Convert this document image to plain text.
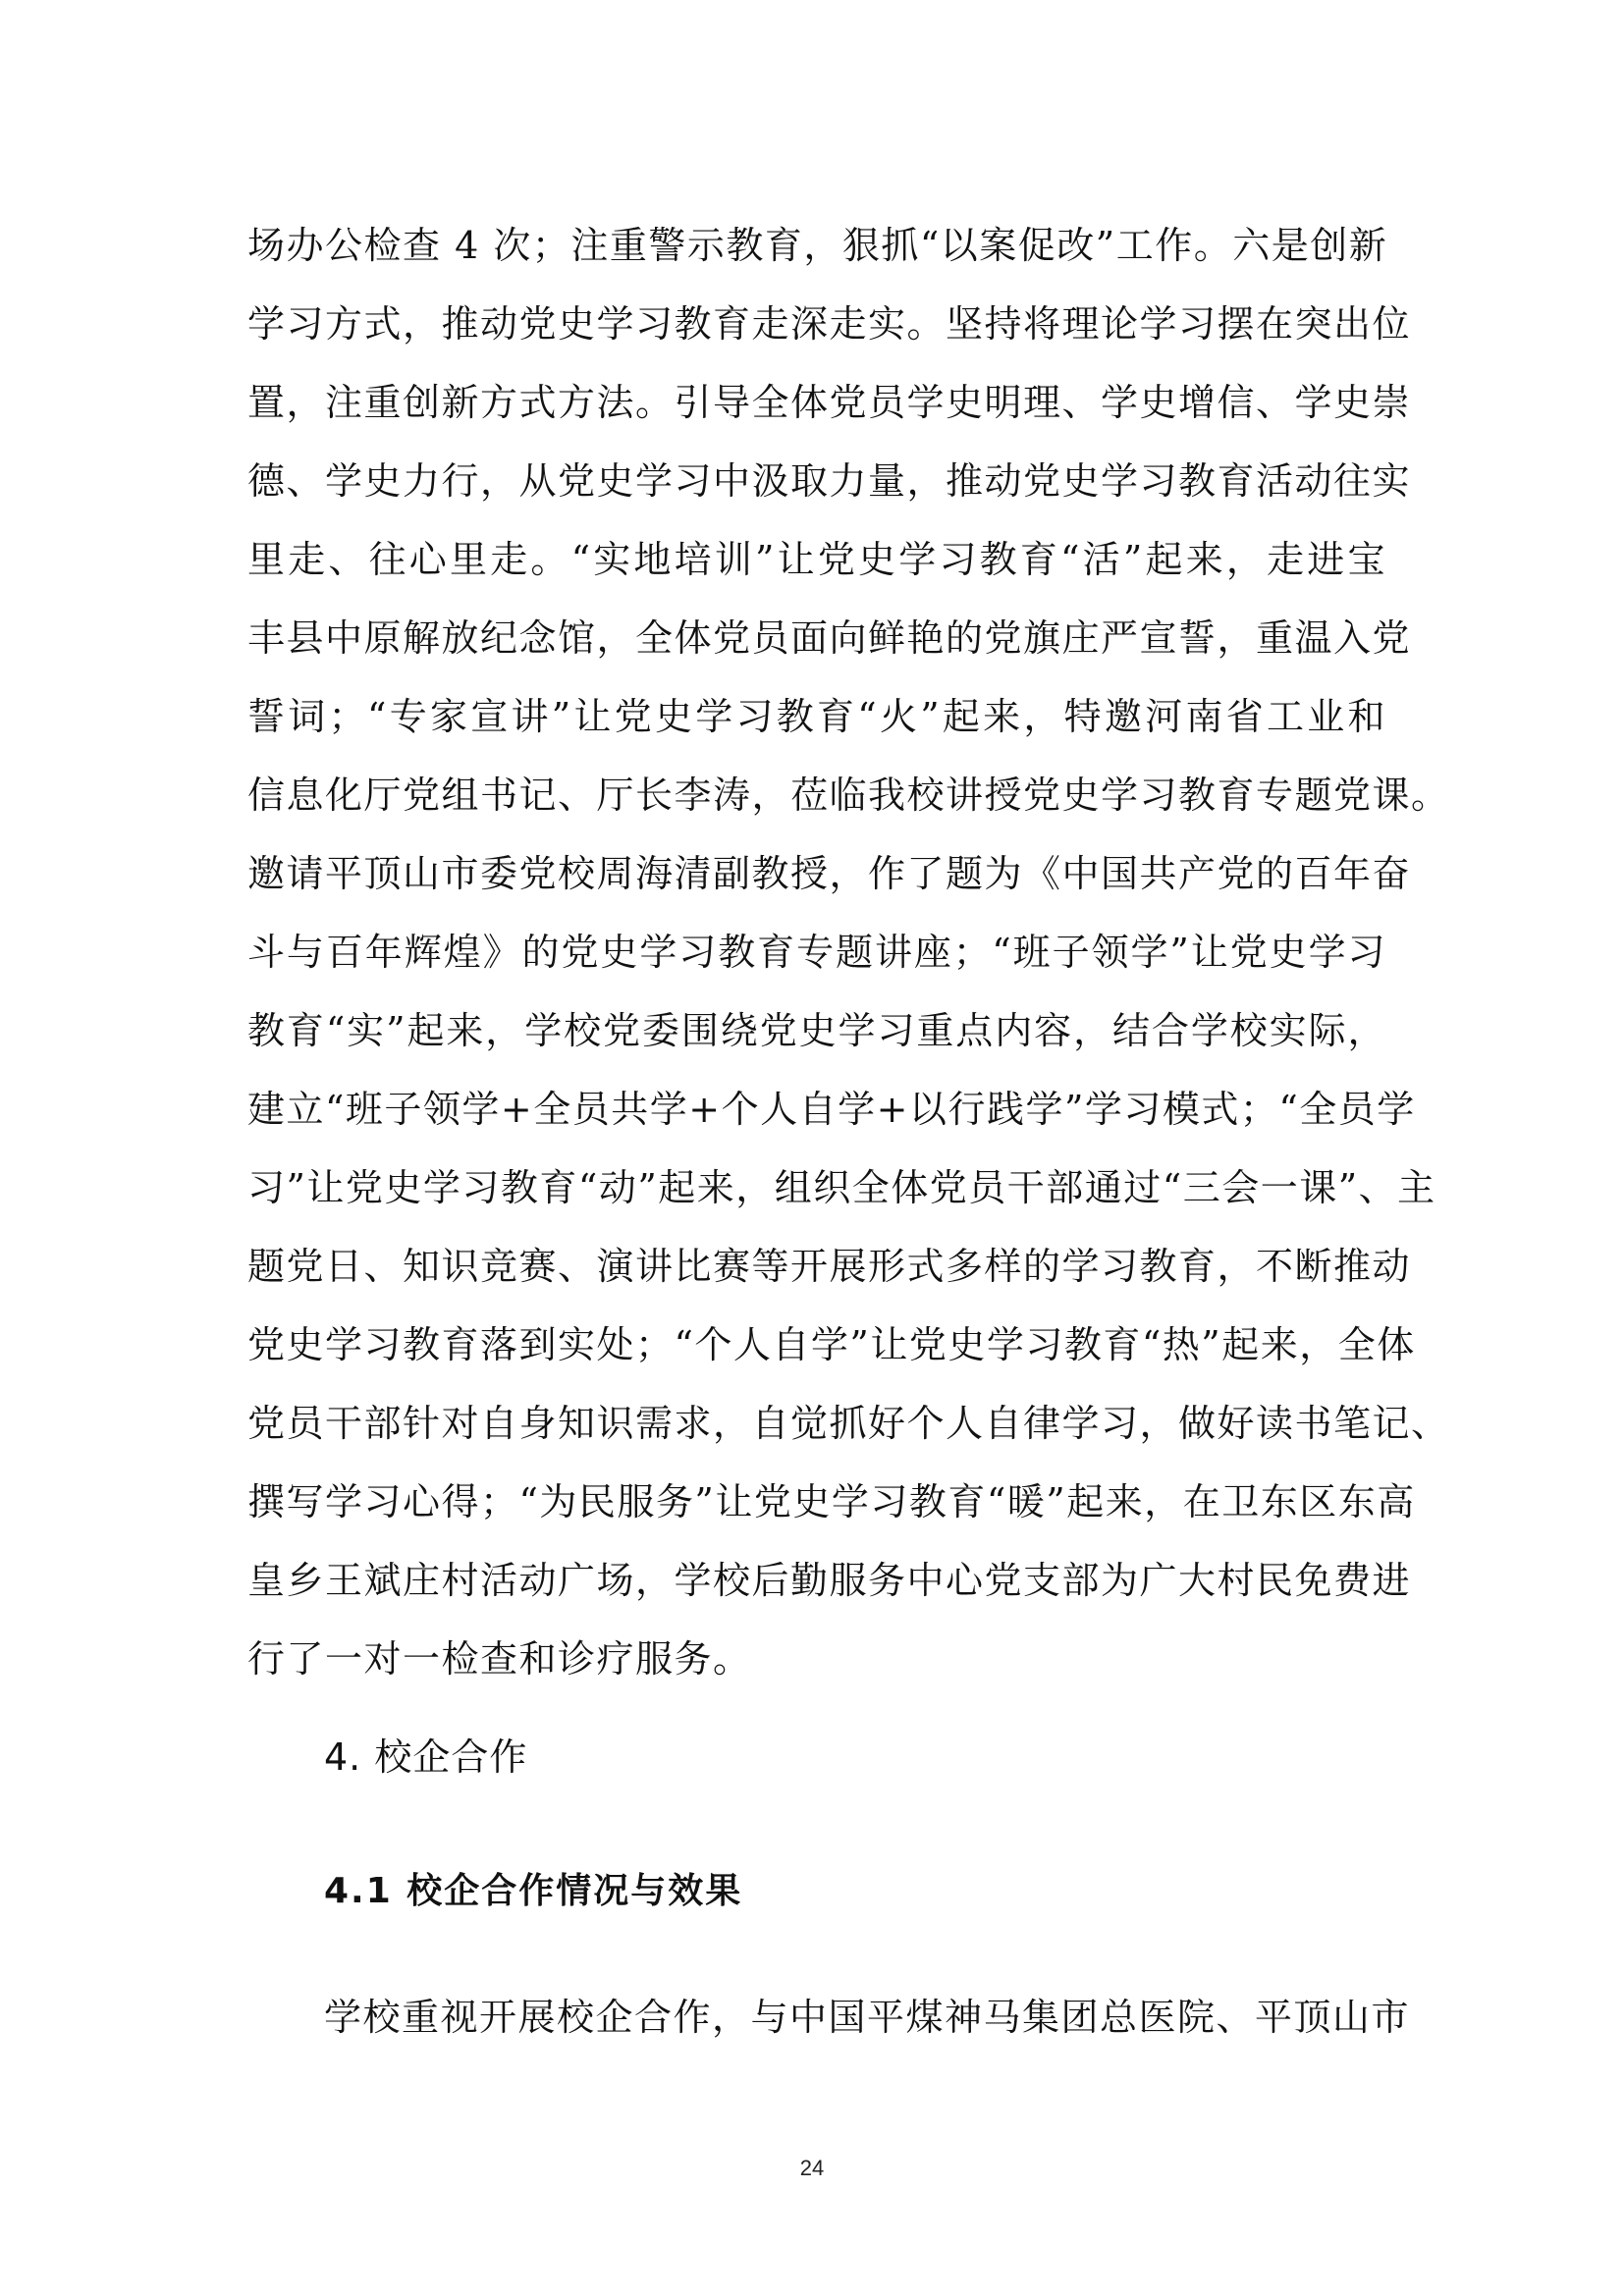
场办公检查 4 次；注重警示教育，狠抓“以案促改”工作。六是创新
学习方式，推动党史学习教育走深走实。坚持将理论学习摆在突出位
置，注重创新方式方法。引导全体党员学史明理、学史增信、学史崇
德、学史力行，从党史学习中汲取力量，推动党史学习教育活动往实
里走、往心里走。“实地培训”让党史学习教育“活”起来，走进宝
丰县中原解放纪念馆，全体党员面向鲜艳的党旗庄严宣誓，重温入党
誓词；“专家宣讲”让党史学习教育“火”起来，特邀河南省工业和
信息化厅党组书记、厅长李涛，莅临我校讲授党史学习教育专题党课。
邀请平顶山市委党校周海清副教授，作了题为《中国共产党的百年奋
斗与百年辉煌》的党史学习教育专题讲座；“班子领学”让党史学习
教育“实”起来，学校党委围绕党史学习重点内容，结合学校实际，
建立“班子领学+全员共学+个人自学+以行践学”学习模式；“全员学
习”让党史学习教育“动”起来，组织全体党员干部通过“三会一课”、主
题党日、知识竞赛、演讲比赛等开展形式多样的学习教育，不断推动
党史学习教育落到实处；“个人自学”让党史学习教育“热”起来，全体
党员干部针对自身知识需求，自觉抓好个人自律学习，做好读书笔记、
撰写学习心得；“为民服务”让党史学习教育“暖”起来，在卫东区东高
皇乡王斌庄村活动广场，学校后勤服务中心党支部为广大村民免费进
行了一对一检查和诊疗服务。
4. 校企合作
4.1 校企合作情况与效果

学校重视开展校企合作，与中国平煤神马集团总医院、平顶山市

24
